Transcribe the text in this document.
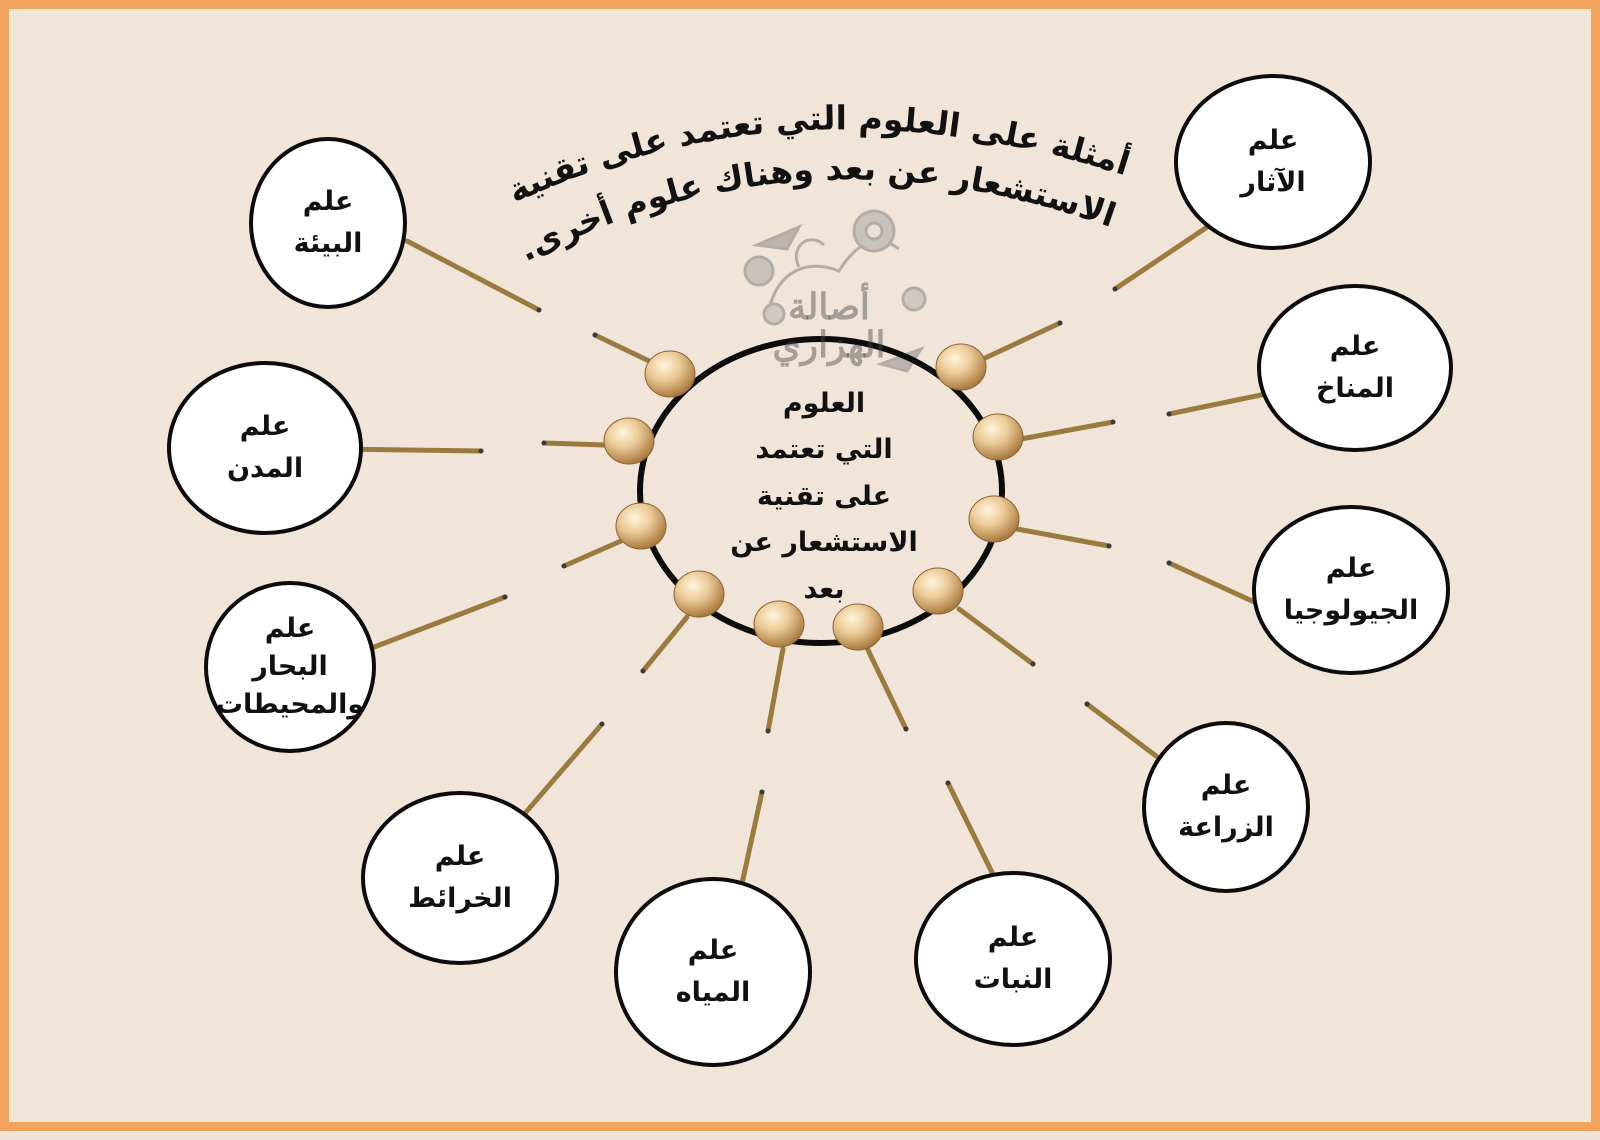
أمثلة على العلوم التي تعتمد على تقنية
الاستشعار عن بعد وهناك علوم أخرى.
أصالة
الهزاري
العلوم
التي تعتمد
على تقنية
الاستشعار عن
بعد
علم
البيئة
علم
المدن
علم
البحار والمحيطات
علم
الخرائط
علم
المياه
علم
النبات
علم
الزراعة
علم
الجيولوجيا
علم
المناخ
علم
الآثار
